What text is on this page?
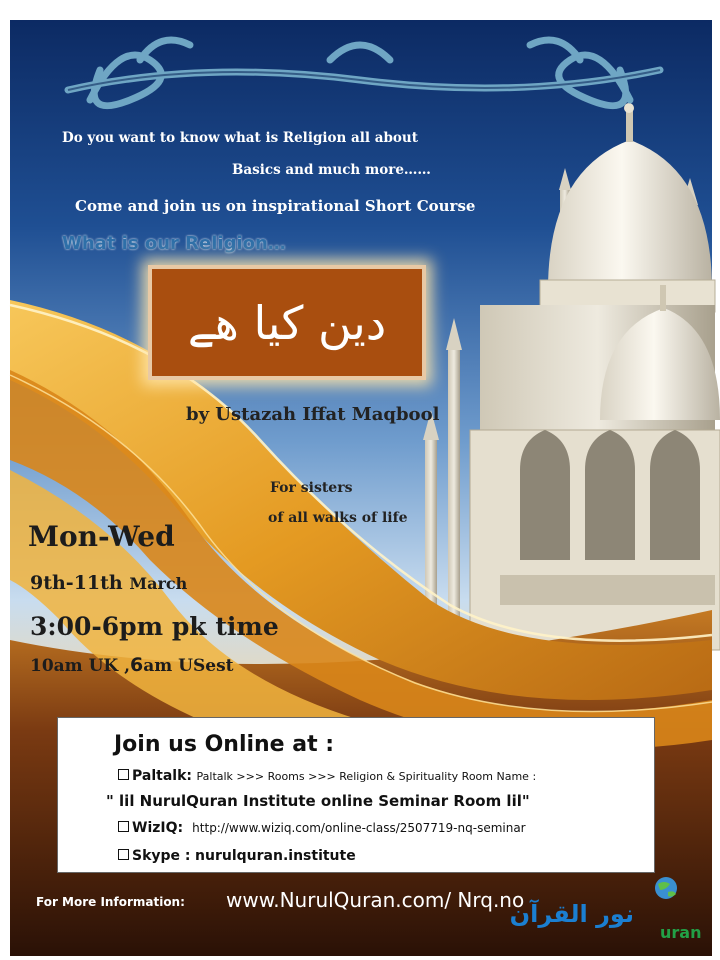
Do you want to know what is Religion all about
Basics and much more……
Come and join us on inspirational Short Course
What is our Religion…
دین کیا ھے
by Ustazah Iffat Maqbool
For sisters
of all walks of life
Mon-Wed
9th-11th March
3:00-6pm pk time
10am UK ,6am USest
Join us Online at :
Paltalk: Paltalk >>> Rooms >>> Religion & Spirituality Room Name :
" lil NurulQuran Institute online Seminar Room lil"
WizIQ: http://www.wiziq.com/online-class/2507719-nq-seminar
Skype : nurulquran.institute
For More Information: www.NurulQuran.com/ Nrq.no
نور القرآن
uran
